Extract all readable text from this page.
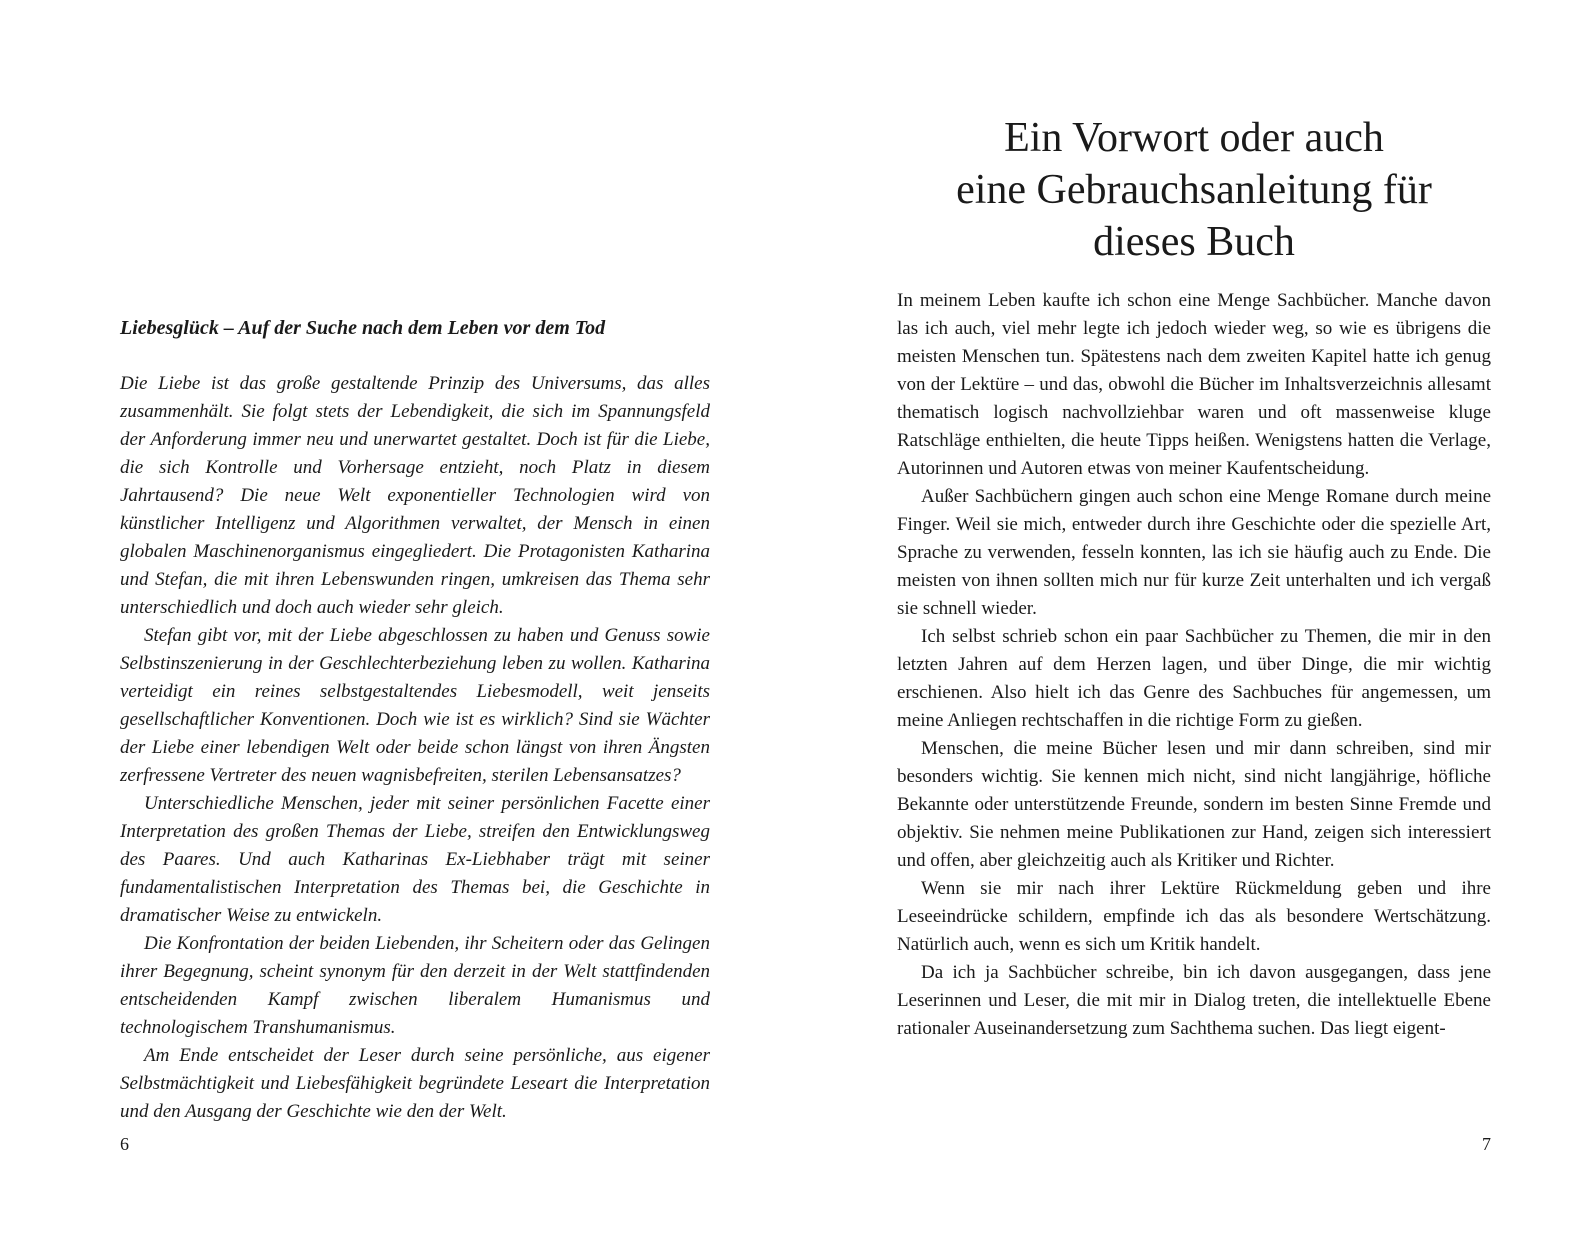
Liebesglück – Auf der Suche nach dem Leben vor dem Tod

Die Liebe ist das große gestaltende Prinzip des Universums, das alles zusammenhält. Sie folgt stets der Lebendigkeit, die sich im Spannungsfeld der Anforderung immer neu und unerwartet gestaltet. Doch ist für die Liebe, die sich Kontrolle und Vorhersage entzieht, noch Platz in diesem Jahrtausend? Die neue Welt exponentieller Technologien wird von künstlicher Intelligenz und Algorithmen verwaltet, der Mensch in einen globalen Maschinenorganismus eingegliedert. Die Protagonisten Katharina und Stefan, die mit ihren Lebenswunden ringen, umkreisen das Thema sehr unterschiedlich und doch auch wieder sehr gleich.

Stefan gibt vor, mit der Liebe abgeschlossen zu haben und Genuss sowie Selbstinszenierung in der Geschlechterbeziehung leben zu wollen. Katharina verteidigt ein reines selbstgestaltendes Liebesmodell, weit jenseits gesellschaftlicher Konventionen. Doch wie ist es wirklich? Sind sie Wächter der Liebe einer lebendigen Welt oder beide schon längst von ihren Ängsten zerfressene Vertreter des neuen wagnisbefreiten, sterilen Lebensansatzes?

Unterschiedliche Menschen, jeder mit seiner persönlichen Facette einer Interpretation des großen Themas der Liebe, streifen den Entwicklungsweg des Paares. Und auch Katharinas Ex-Liebhaber trägt mit seiner fundamentalistischen Interpretation des Themas bei, die Geschichte in dramatischer Weise zu entwickeln.

Die Konfrontation der beiden Liebenden, ihr Scheitern oder das Gelingen ihrer Begegnung, scheint synonym für den derzeit in der Welt stattfindenden entscheidenden Kampf zwischen liberalem Humanismus und technologischem Transhumanismus.

Am Ende entscheidet der Leser durch seine persönliche, aus eigener Selbstmächtigkeit und Liebesfähigkeit begründete Leseart die Interpretation und den Ausgang der Geschichte wie den der Welt.

6
Ein Vorwort oder auch
eine Gebrauchsanleitung für
dieses Buch

In meinem Leben kaufte ich schon eine Menge Sachbücher. Manche davon las ich auch, viel mehr legte ich jedoch wieder weg, so wie es übrigens die meisten Menschen tun. Spätestens nach dem zweiten Kapitel hatte ich genug von der Lektüre – und das, obwohl die Bücher im Inhaltsverzeichnis allesamt thematisch logisch nachvollziehbar waren und oft massenweise kluge Ratschläge enthielten, die heute Tipps heißen. Wenigstens hatten die Verlage, Autorinnen und Autoren etwas von meiner Kaufentscheidung.

Außer Sachbüchern gingen auch schon eine Menge Romane durch meine Finger. Weil sie mich, entweder durch ihre Geschichte oder die spezielle Art, Sprache zu verwenden, fesseln konnten, las ich sie häufig auch zu Ende. Die meisten von ihnen sollten mich nur für kurze Zeit unterhalten und ich vergaß sie schnell wieder.

Ich selbst schrieb schon ein paar Sachbücher zu Themen, die mir in den letzten Jahren auf dem Herzen lagen, und über Dinge, die mir wichtig erschienen. Also hielt ich das Genre des Sachbuches für angemessen, um meine Anliegen rechtschaffen in die richtige Form zu gießen.

Menschen, die meine Bücher lesen und mir dann schreiben, sind mir besonders wichtig. Sie kennen mich nicht, sind nicht langjährige, höfliche Bekannte oder unterstützende Freunde, sondern im besten Sinne Fremde und objektiv. Sie nehmen meine Publikationen zur Hand, zeigen sich interessiert und offen, aber gleichzeitig auch als Kritiker und Richter.

Wenn sie mir nach ihrer Lektüre Rückmeldung geben und ihre Leseeindrücke schildern, empfinde ich das als besondere Wertschätzung. Natürlich auch, wenn es sich um Kritik handelt.

Da ich ja Sachbücher schreibe, bin ich davon ausgegangen, dass jene Leserinnen und Leser, die mit mir in Dialog treten, die intellektuelle Ebene rationaler Auseinandersetzung zum Sachthema suchen. Das liegt eigent-

7
